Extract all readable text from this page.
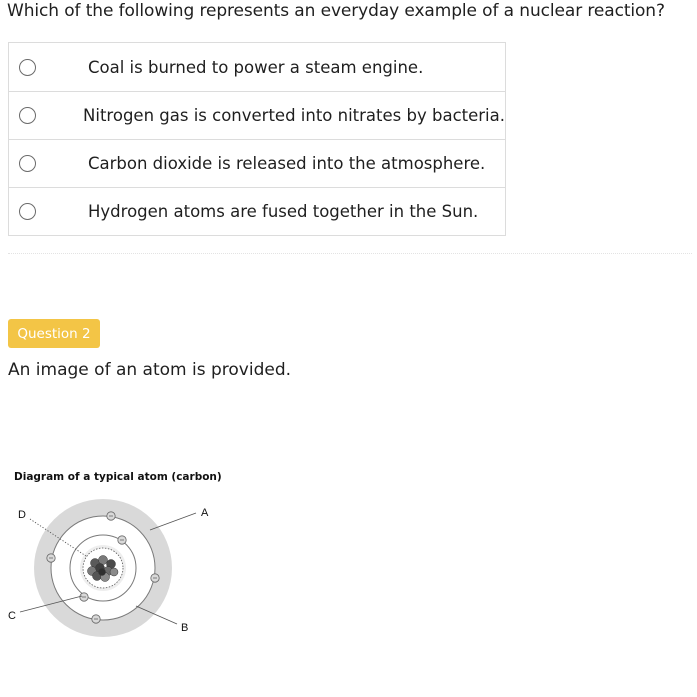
Which of the following represents an everyday example of a nuclear reaction?
Coal is burned to power a steam engine.
Nitrogen gas is converted into nitrates by bacteria.
Carbon dioxide is released into the atmosphere.
Hydrogen atoms are fused together in the Sun.
Question 2
An image of an atom is provided.
Diagram of a typical atom (carbon)
A
B
C
D
